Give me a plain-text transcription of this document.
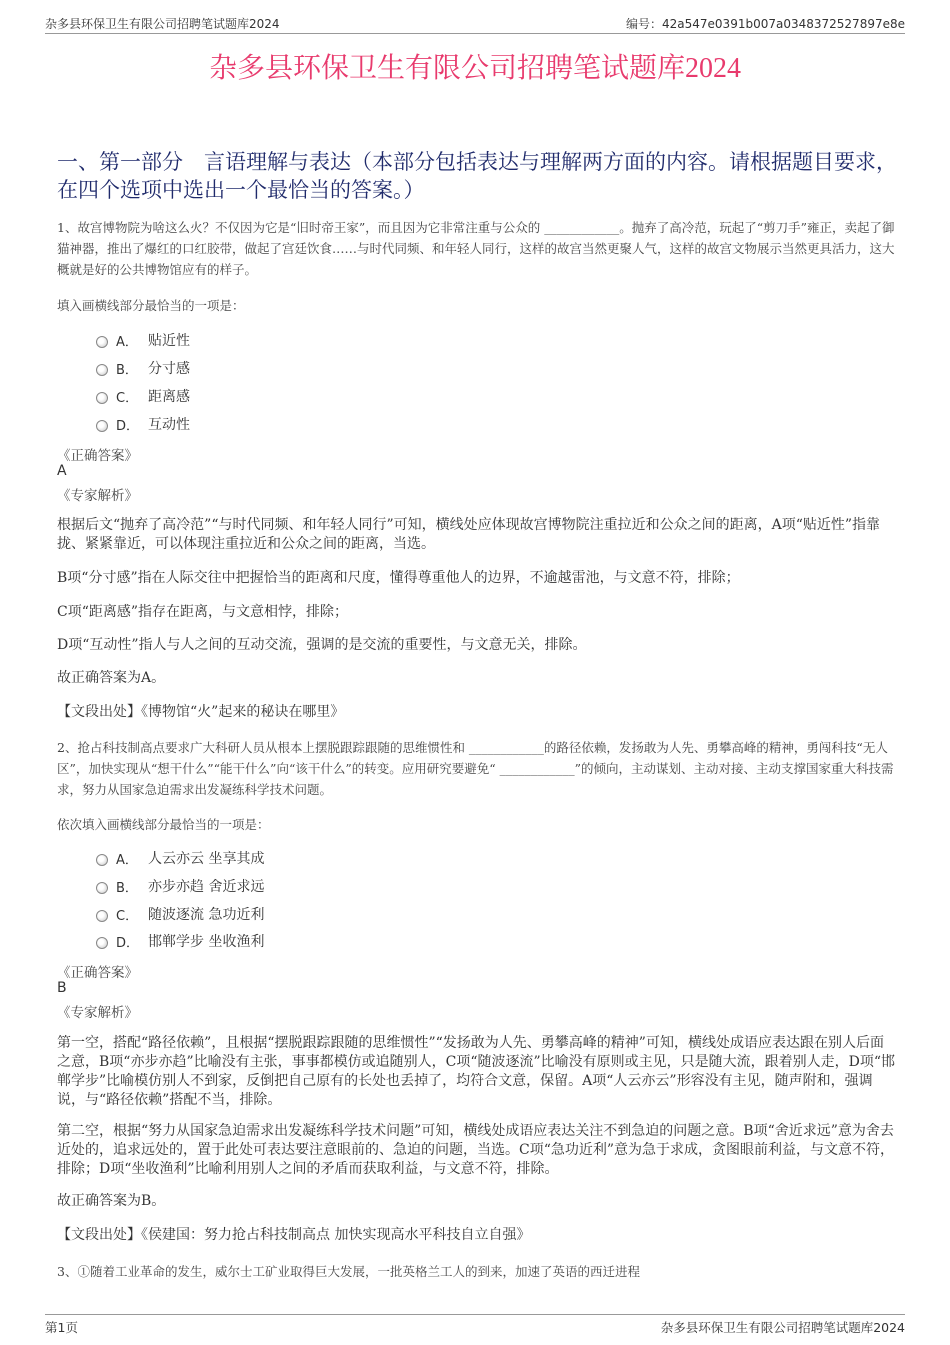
杂多县环保卫生有限公司招聘笔试题库2024	编号：42a547e0391b007a0348372527897e8e
杂多县环保卫生有限公司招聘笔试题库2024
一、第一部分　言语理解与表达（本部分包括表达与理解两方面的内容。请根据题目要求，在四个选项中选出一个最恰当的答案。）
1、故宫博物院为啥这么火？不仅因为它是“旧时帝王家”，而且因为它非常注重与公众的 ____________。抛弃了高冷范，玩起了“剪刀手”雍正，卖起了御猫神器，推出了爆红的口红胶带，做起了宫廷饮食……与时代同频、和年轻人同行，这样的故宫当然更聚人气，这样的故宫文物展示当然更具活力，这大概就是好的公共博物馆应有的样子。
填入画横线部分最恰当的一项是：
A． 贴近性
B． 分寸感
C． 距离感
D． 互动性
《正确答案》
A
《专家解析》
根据后文“抛弃了高冷范”“与时代同频、和年轻人同行”可知，横线处应体现故宫博物院注重拉近和公众之间的距离，A项“贴近性”指靠拢、紧紧靠近，可以体现注重拉近和公众之间的距离，当选。
B项“分寸感”指在人际交往中把握恰当的距离和尺度，懂得尊重他人的边界，不逾越雷池，与文意不符，排除；
C项“距离感”指存在距离，与文意相悖，排除；
D项“互动性”指人与人之间的互动交流，强调的是交流的重要性，与文意无关，排除。
故正确答案为A。
【文段出处】《博物馆“火”起来的秘诀在哪里》
2、抢占科技制高点要求广大科研人员从根本上摆脱跟踪跟随的思维惯性和 ____________的路径依赖，发扬敢为人先、勇攀高峰的精神，勇闯科技“无人区”，加快实现从“想干什么”“能干什么”向“该干什么”的转变。应用研究要避免“ ____________”的倾向，主动谋划、主动对接、主动支撑国家重大科技需求，努力从国家急迫需求出发凝练科学技术问题。
依次填入画横线部分最恰当的一项是：
A． 人云亦云 坐享其成
B． 亦步亦趋 舍近求远
C． 随波逐流 急功近利
D． 邯郸学步 坐收渔利
《正确答案》
B
《专家解析》
第一空，搭配“路径依赖”，且根据“摆脱跟踪跟随的思维惯性”“发扬敢为人先、勇攀高峰的精神”可知，横线处成语应表达跟在别人后面之意，B项“亦步亦趋”比喻没有主张，事事都模仿或追随别人，C项“随波逐流”比喻没有原则或主见，只是随大流，跟着别人走，D项“邯郸学步”比喻模仿别人不到家，反倒把自己原有的长处也丢掉了，均符合文意，保留。A项“人云亦云”形容没有主见，随声附和，强调说，与“路径依赖”搭配不当，排除。
第二空，根据“努力从国家急迫需求出发凝练科学技术问题”可知，横线处成语应表达关注不到急迫的问题之意。B项“舍近求远”意为舍去近处的，追求远处的，置于此处可表达要注意眼前的、急迫的问题，当选。C项“急功近利”意为急于求成，贪图眼前利益，与文意不符，排除；D项“坐收渔利”比喻利用别人之间的矛盾而获取利益，与文意不符，排除。
故正确答案为B。
【文段出处】《侯建国：努力抢占科技制高点 加快实现高水平科技自立自强》
3、①随着工业革命的发生，威尔士工矿业取得巨大发展，一批英格兰工人的到来，加速了英语的西迁进程
第1页	杂多县环保卫生有限公司招聘笔试题库2024
